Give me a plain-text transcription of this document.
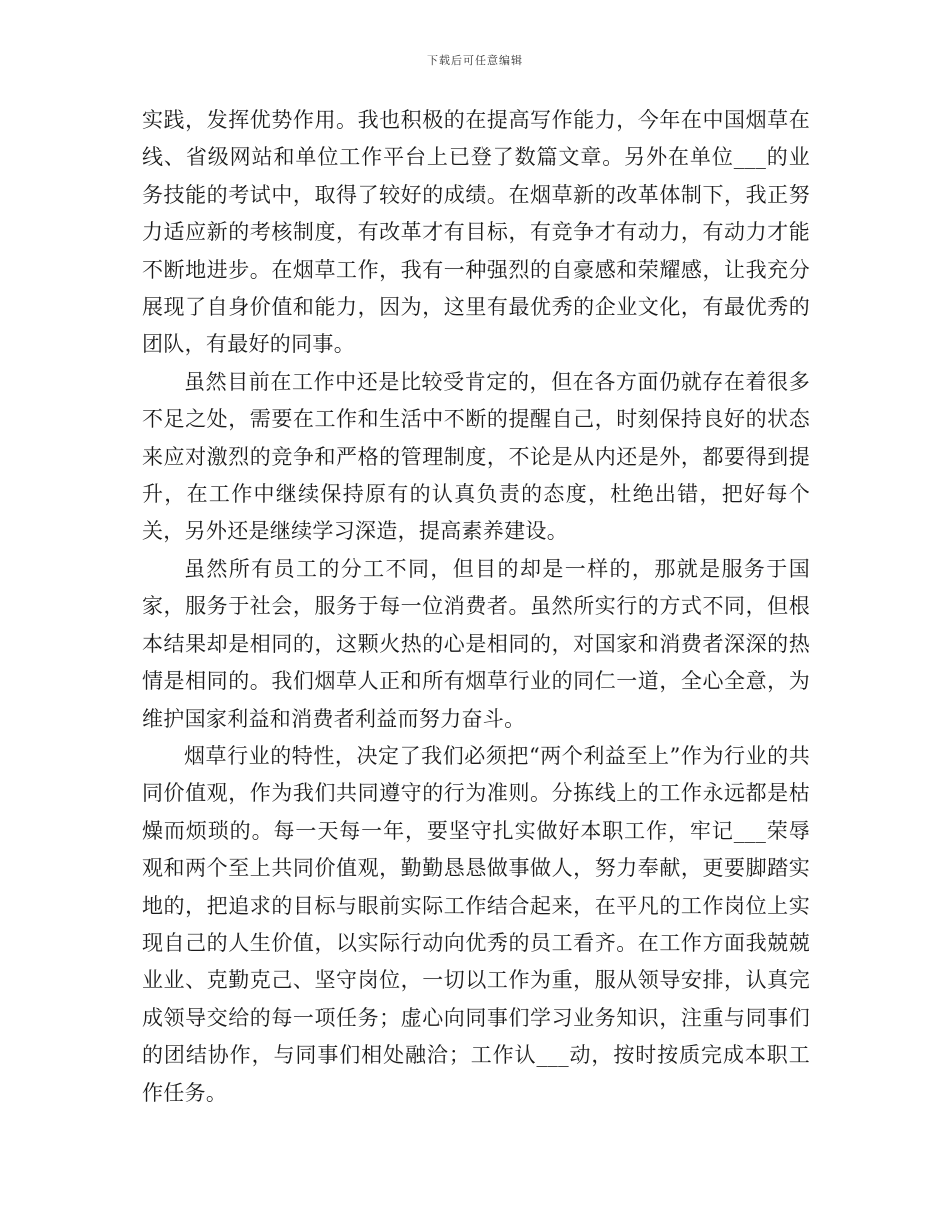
下载后可任意编辑

实践，发挥优势作用。我也积极的在提高写作能力，今年在中国烟草在线、省级网站和单位工作平台上已登了数篇文章。另外在单位___的业务技能的考试中，取得了较好的成绩。在烟草新的改革体制下，我正努力适应新的考核制度，有改革才有目标，有竞争才有动力，有动力才能不断地进步。在烟草工作，我有一种强烈的自豪感和荣耀感，让我充分展现了自身价值和能力，因为，这里有最优秀的企业文化，有最优秀的团队，有最好的同事。

虽然目前在工作中还是比较受肯定的，但在各方面仍就存在着很多不足之处，需要在工作和生活中不断的提醒自己，时刻保持良好的状态来应对激烈的竞争和严格的管理制度，不论是从内还是外，都要得到提升，在工作中继续保持原有的认真负责的态度，杜绝出错，把好每个关，另外还是继续学习深造，提高素养建设。

虽然所有员工的分工不同，但目的却是一样的，那就是服务于国家，服务于社会，服务于每一位消费者。虽然所实行的方式不同，但根本结果却是相同的，这颗火热的心是相同的，对国家和消费者深深的热情是相同的。我们烟草人正和所有烟草行业的同仁一道，全心全意，为维护国家利益和消费者利益而努力奋斗。

烟草行业的特性，决定了我们必须把“两个利益至上”作为行业的共同价值观，作为我们共同遵守的行为准则。分拣线上的工作永远都是枯燥而烦琐的。每一天每一年，要坚守扎实做好本职工作，牢记___荣辱观和两个至上共同价值观，勤勤恳恳做事做人，努力奉献，更要脚踏实地的，把追求的目标与眼前实际工作结合起来，在平凡的工作岗位上实现自己的人生价值，以实际行动向优秀的员工看齐。在工作方面我兢兢业业、克勤克己、坚守岗位，一切以工作为重，服从领导安排，认真完成领导交给的每一项任务；虚心向同事们学习业务知识，注重与同事们的团结协作，与同事们相处融洽；工作认___动，按时按质完成本职工作任务。
